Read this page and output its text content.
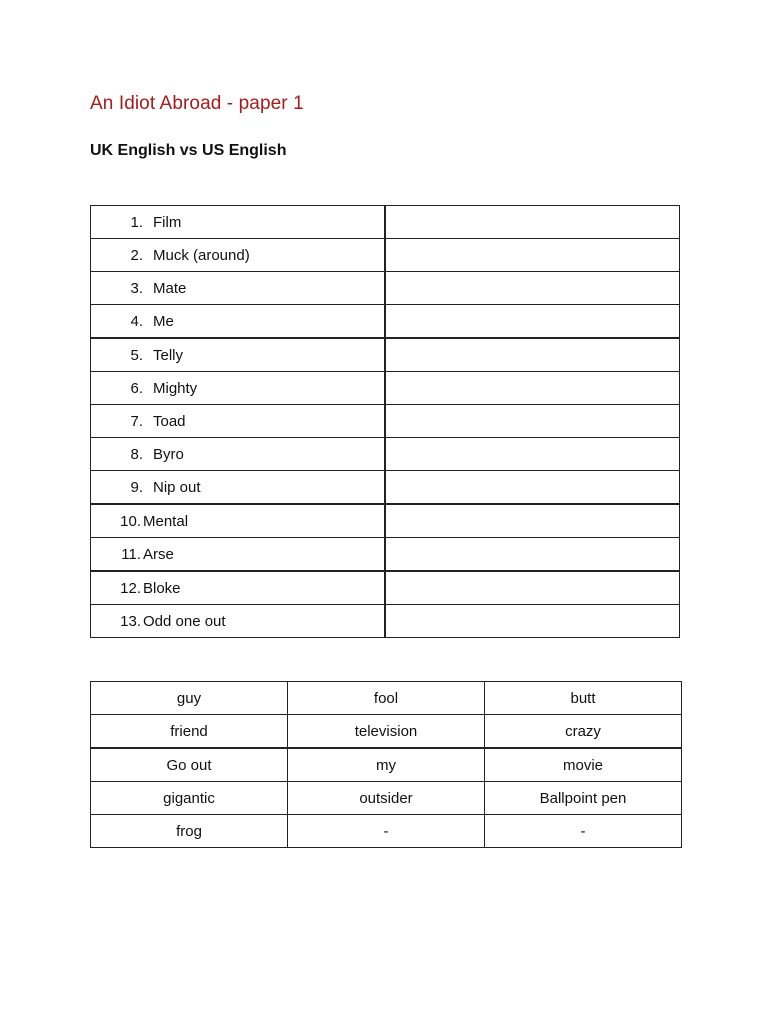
An Idiot Abroad - paper 1
UK English vs US English
1. Film	
2. Muck (around)	
3. Mate	
4. Me	
5. Telly	
6. Mighty	
7. Toad	
8. Byro	
9. Nip out	
10. Mental	
11. Arse	
12. Bloke	
13. Odd one out	
guy	fool	butt
friend	television	crazy
Go out	my	movie
gigantic	outsider	Ballpoint pen
frog	-	-
